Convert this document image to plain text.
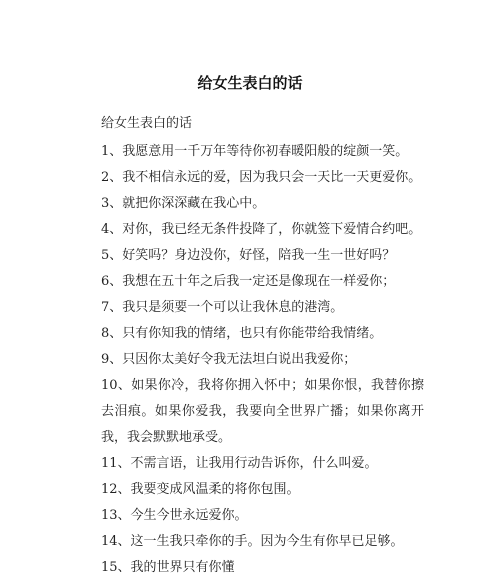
给女生表白的话
给女生表白的话
1、我愿意用一千万年等待你初春暖阳般的绽颜一笑。
2、我不相信永远的爱，因为我只会一天比一天更爱你。
3、就把你深深藏在我心中。
4、对你，我已经无条件投降了，你就签下爱情合约吧。
5、好笑吗？身边没你，好怪，陪我一生一世好吗？
6、我想在五十年之后我一定还是像现在一样爱你；
7、我只是须要一个可以让我休息的港湾。
8、只有你知我的情绪，也只有你能带给我情绪。
9、只因你太美好令我无法坦白说出我爱你；
10、如果你冷，我将你拥入怀中；如果你恨，我替你擦去泪痕。如果你爱我，我要向全世界广播；如果你离开我，我会默默地承受。
11、不需言语，让我用行动告诉你，什么叫爱。
12、我要变成风温柔的将你包围。
13、今生今世永远爱你。
14、这一生我只牵你的手。因为今生有你早已足够。
15、我的世界只有你懂
